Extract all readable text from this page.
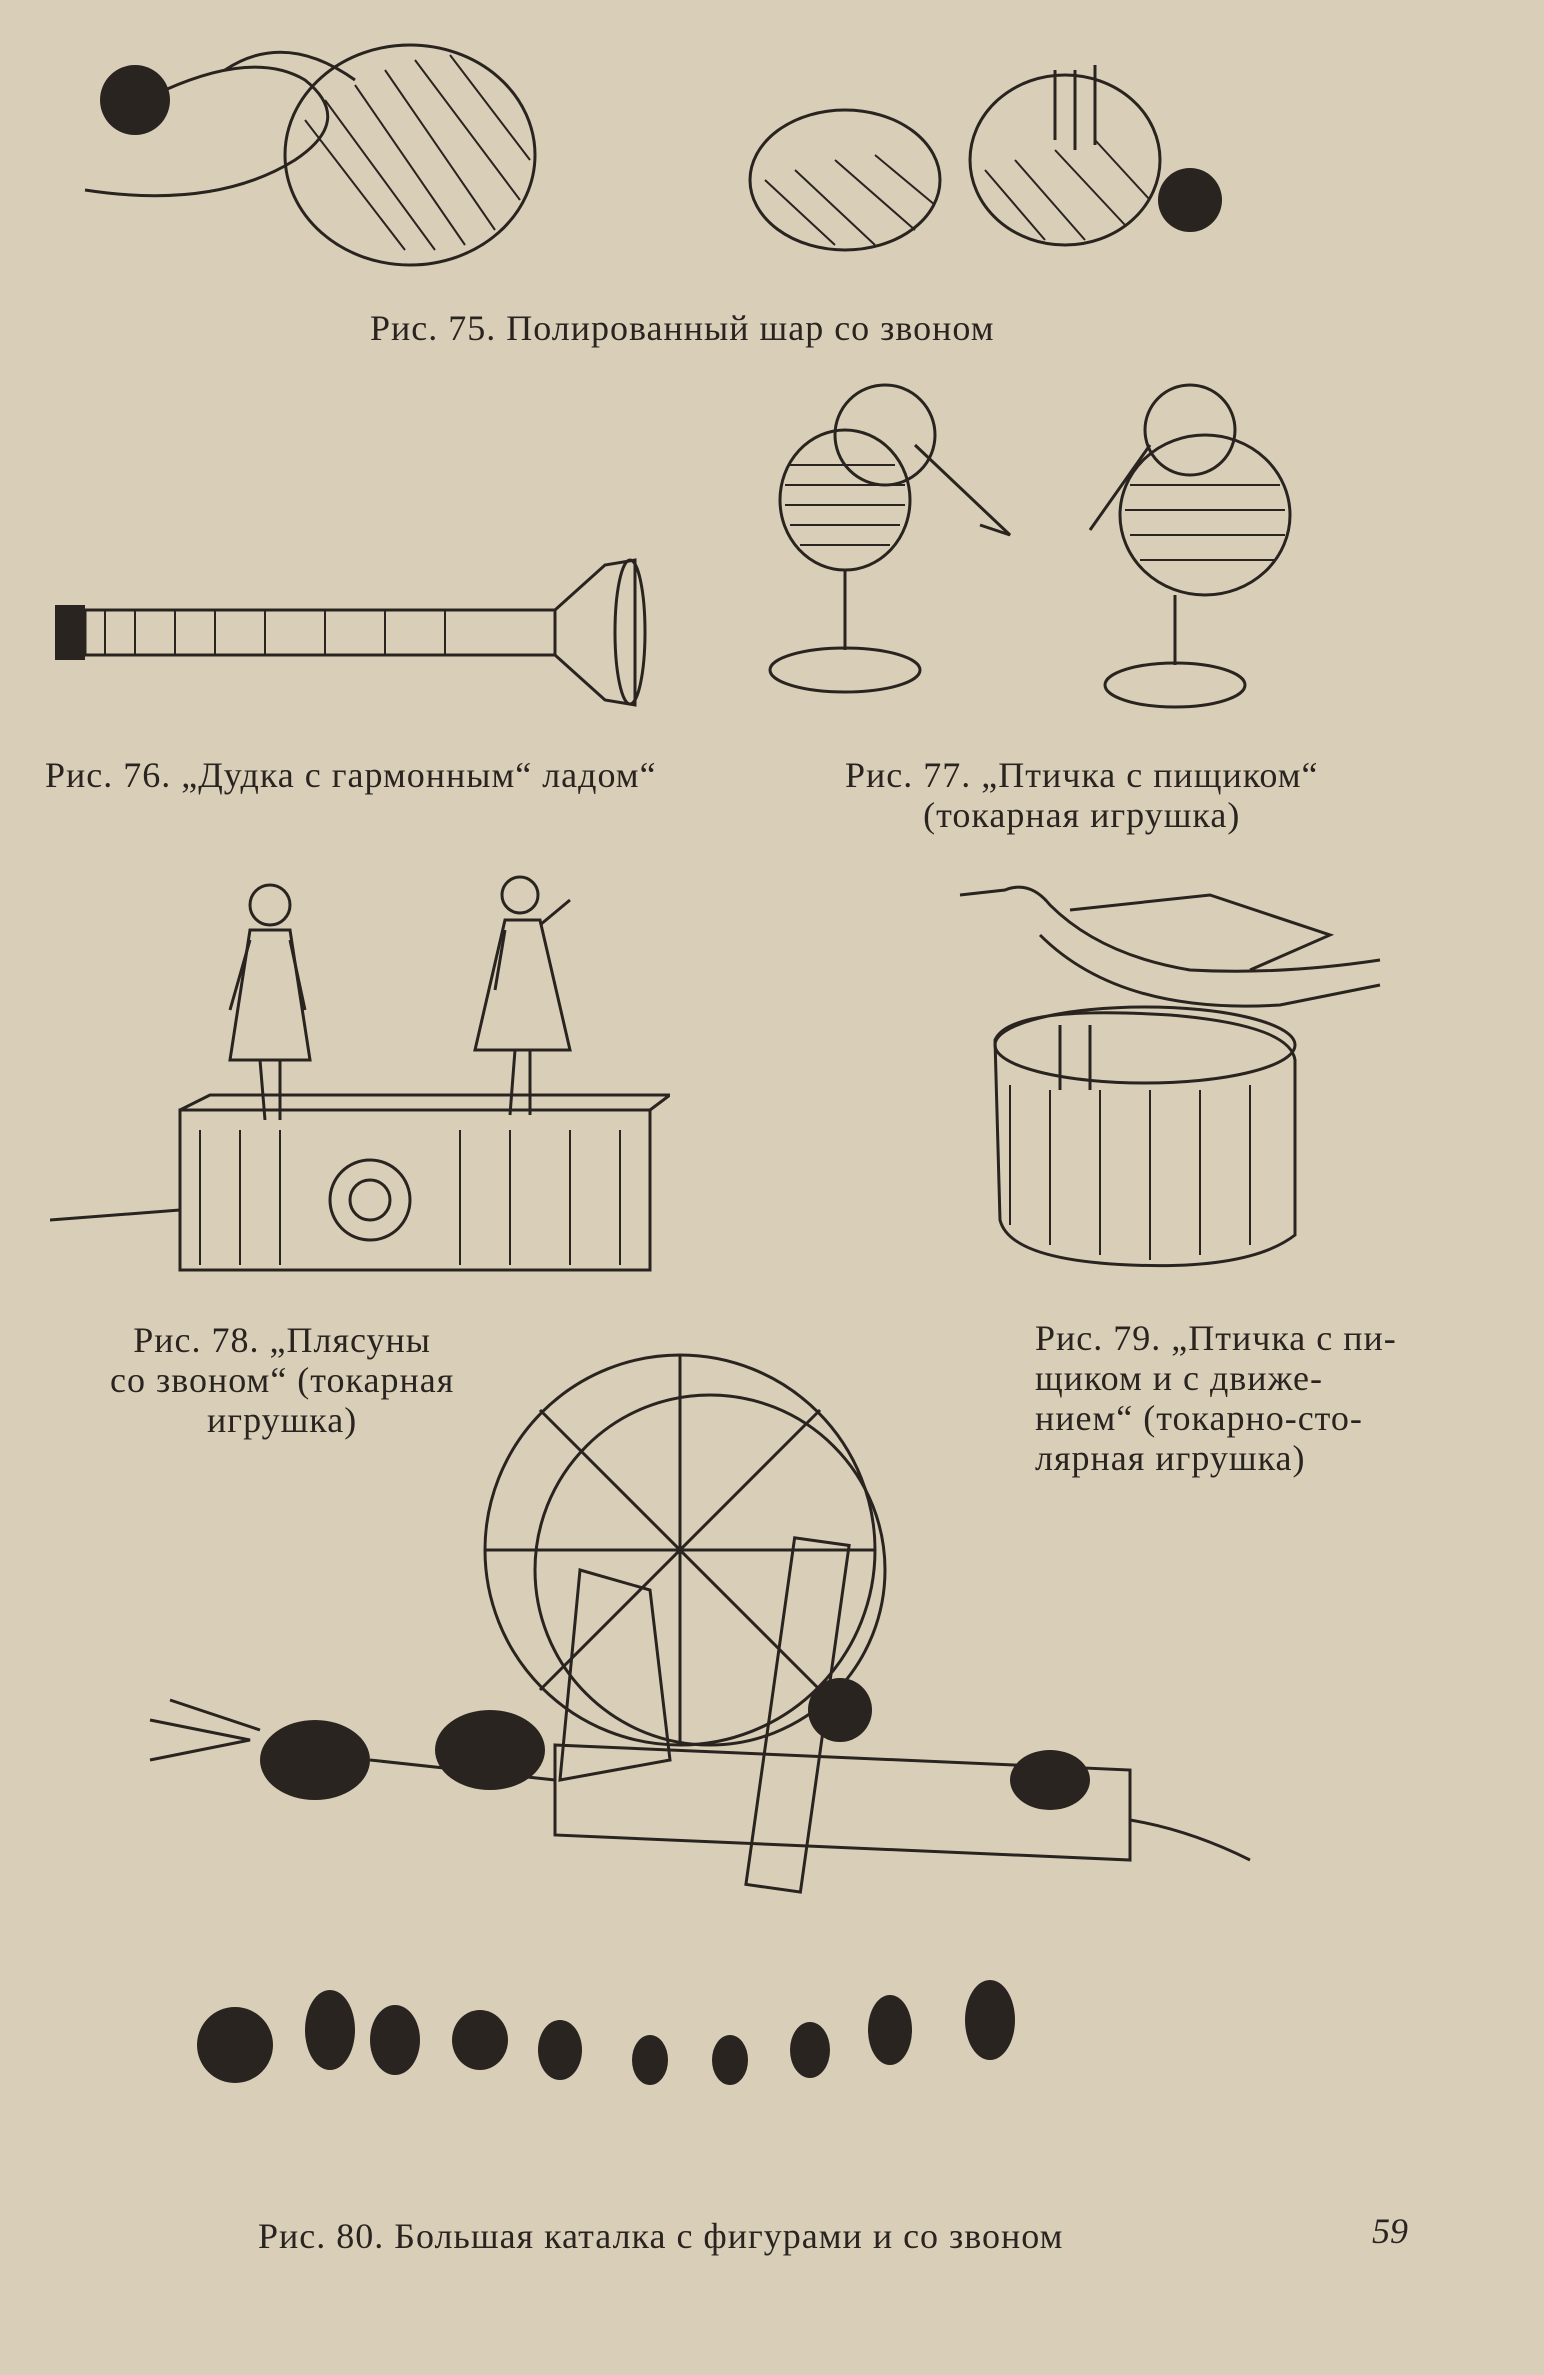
Рис. 75. Полированный шар со звоном
Рис. 76. „Дудка с гармонным“ ладом“	Рис. 77. „Птичка с пищиком“
(токарная игрушка)
Рис. 78. „Плясуны
со звоном“ (токарная
игрушка)
Рис. 79. „Птичка с пи-
щиком и с движе-
нием“ (токарно-сто-
лярная игрушка)
Рис. 80. Большая каталка с фигурами и со звоном	59
